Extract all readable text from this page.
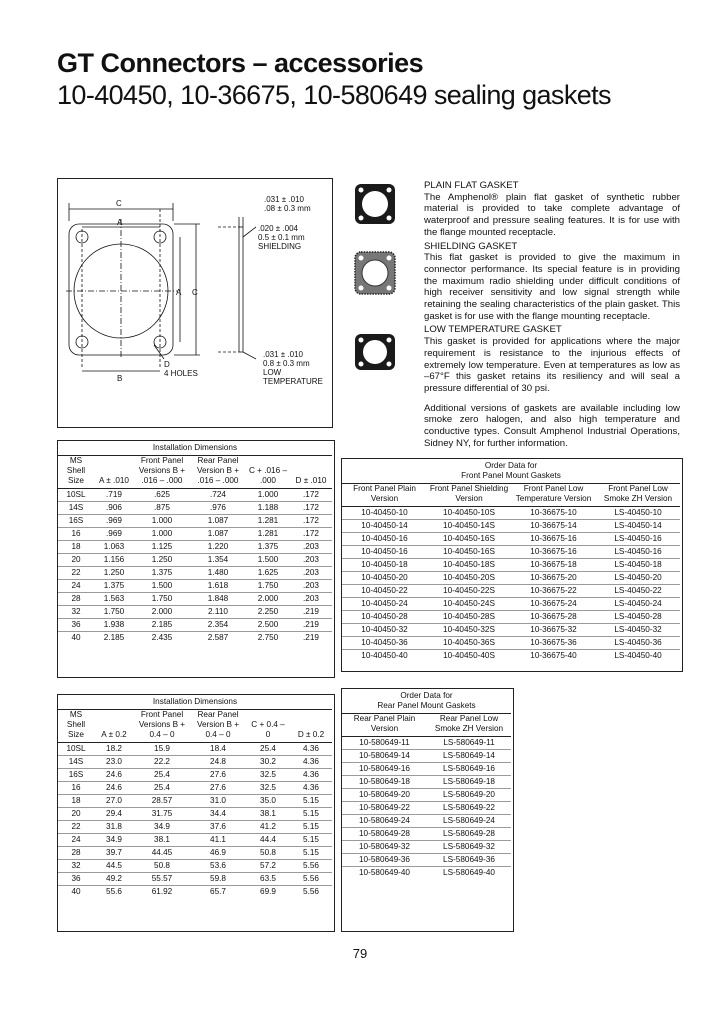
GT Connectors – accessories
10-40450, 10-36675, 10-580649 sealing gaskets
C
A
B
A C
D
4 HOLES
.031 ± .010
.08 ± 0.3 mm
.020 ± .004
0.5 ± 0.1 mm
SHIELDING
.031 ± .010
0.8 ± 0.3 mm
LOW
TEMPERATURE
PLAIN FLAT GASKET

The Amphenol® plain flat gasket of synthetic rubber material is provided to take complete advantage of waterproof and pressure sealing features. It is for use with the flange mounted receptacle.

SHIELDING GASKET

This flat gasket is provided to give the maximum in connector performance. Its special feature is in providing the maximum radio shielding under difficult conditions of high receiver sensitivity and low signal strength while retaining the sealing characteristics of the plain gasket. This gasket is for use with the flange mounting receptacle.

LOW TEMPERATURE GASKET

This gasket is provided for applications where the major requirement is resistance to the injurious effects of extremely low temperature. Even at temperatures as low as –67°F this gasket retains its resiliency and will seal a pressure differential of 30 psi.

Additional versions of gaskets are available including low smoke zero halogen, and also high temperature and conductive types. Consult Amphenol Industrial Operations, Sidney NY, for further information.

Installation Dimensions					
MS Shell Size	A ± .010	Front Panel Versions B + .016 – .000	Rear Panel Version B + .016 – .000	C + .016 – .000	D ± .010
10SL	.719	.625	.724	1.000	.172
14S	.906	.875	.976	1.188	.172
16S	.969	1.000	1.087	1.281	.172
16	.969	1.000	1.087	1.281	.172
18	1.063	1.125	1.220	1.375	.203
20	1.156	1.250	1.354	1.500	.203
22	1.250	1.375	1.480	1.625	.203
24	1.375	1.500	1.618	1.750	.203
28	1.563	1.750	1.848	2.000	.203
32	1.750	2.000	2.110	2.250	.219
36	1.938	2.185	2.354	2.500	.219
40	2.185	2.435	2.587	2.750	.219
Installation Dimensions					
MS Shell Size	A ± 0.2	Front Panel Versions B + 0.4 – 0	Rear Panel Version B + 0.4 – 0	C + 0.4 – 0	D ± 0.2
10SL	18.2	15.9	18.4	25.4	4.36
14S	23.0	22.2	24.8	30.2	4.36
16S	24.6	25.4	27.6	32.5	4.36
16	24.6	25.4	27.6	32.5	4.36
18	27.0	28.57	31.0	35.0	5.15
20	29.4	31.75	34.4	38.1	5.15
22	31.8	34.9	37.6	41.2	5.15
24	34.9	38.1	41.1	44.4	5.15
28	39.7	44.45	46.9	50.8	5.15
32	44.5	50.8	53.6	57.2	5.56
36	49.2	55.57	59.8	63.5	5.56
40	55.6	61.92	65.7	69.9	5.56
Order Data for
Front Panel Mount Gaskets			
Front Panel Plain Version	Front Panel Shielding Version	Front Panel Low Temperature Version	Front Panel Low Smoke ZH Version
10-40450-10	10-40450-10S	10-36675-10	LS-40450-10
10-40450-14	10-40450-14S	10-36675-14	LS-40450-14
10-40450-16	10-40450-16S	10-36675-16	LS-40450-16
10-40450-16	10-40450-16S	10-36675-16	LS-40450-16
10-40450-18	10-40450-18S	10-36675-18	LS-40450-18
10-40450-20	10-40450-20S	10-36675-20	LS-40450-20
10-40450-22	10-40450-22S	10-36675-22	LS-40450-22
10-40450-24	10-40450-24S	10-36675-24	LS-40450-24
10-40450-28	10-40450-28S	10-36675-28	LS-40450-28
10-40450-32	10-40450-32S	10-36675-32	LS-40450-32
10-40450-36	10-40450-36S	10-36675-36	LS-40450-36
10-40450-40	10-40450-40S	10-36675-40	LS-40450-40
Order Data for
Rear Panel Mount Gaskets	
Rear Panel Plain Version	Rear Panel Low Smoke ZH Version
10-580649-11	LS-580649-11
10-580649-14	LS-580649-14
10-580649-16	LS-580649-16
10-580649-18	LS-580649-18
10-580649-20	LS-580649-20
10-580649-22	LS-580649-22
10-580649-24	LS-580649-24
10-580649-28	LS-580649-28
10-580649-32	LS-580649-32
10-580649-36	LS-580649-36
10-580649-40	LS-580649-40
79
